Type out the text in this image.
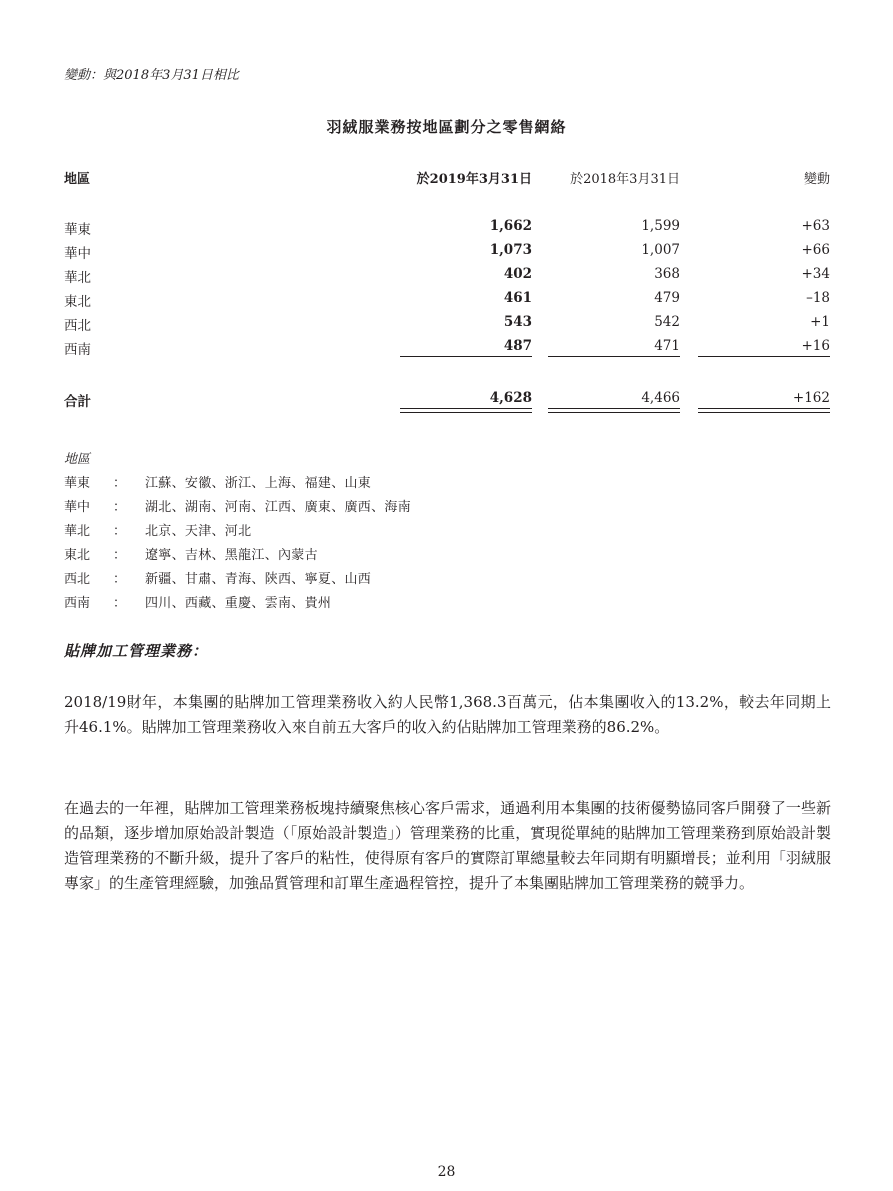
變動：與2018年3月31日相比
羽絨服業務按地區劃分之零售網絡
地區	於2019年3月31日	於2018年3月31日	變動
華東	1,662	1,599	+63
華中	1,073	1,007	+66
華北	402	368	+34
東北	461	479	–18
西北	543	542	+1
西南	487	471	+16
合計	4,628	4,466	+162
地區
華東 ： 江蘇、安徽、浙江、上海、福建、山東
華中 ： 湖北、湖南、河南、江西、廣東、廣西、海南
華北 ： 北京、天津、河北
東北 ： 遼寧、吉林、黑龍江、內蒙古
西北 ： 新疆、甘肅、青海、陝西、寧夏、山西
西南 ： 四川、西藏、重慶、雲南、貴州
貼牌加工管理業務：

2018/19財年，本集團的貼牌加工管理業務收入約人民幣1,368.3百萬元，佔本集團收入的13.2%，較去年同期上升46.1%。貼牌加工管理業務收入來自前五大客戶的收入約佔貼牌加工管理業務的86.2%。

在過去的一年裡，貼牌加工管理業務板塊持續聚焦核心客戶需求，通過利用本集團的技術優勢協同客戶開發了一些新的品類，逐步增加原始設計製造（「原始設計製造」）管理業務的比重，實現從單純的貼牌加工管理業務到原始設計製造管理業務的不斷升級，提升了客戶的粘性，使得原有客戶的實際訂單總量較去年同期有明顯增長；並利用「羽絨服專家」的生產管理經驗，加強品質管理和訂單生產過程管控，提升了本集團貼牌加工管理業務的競爭力。

28
